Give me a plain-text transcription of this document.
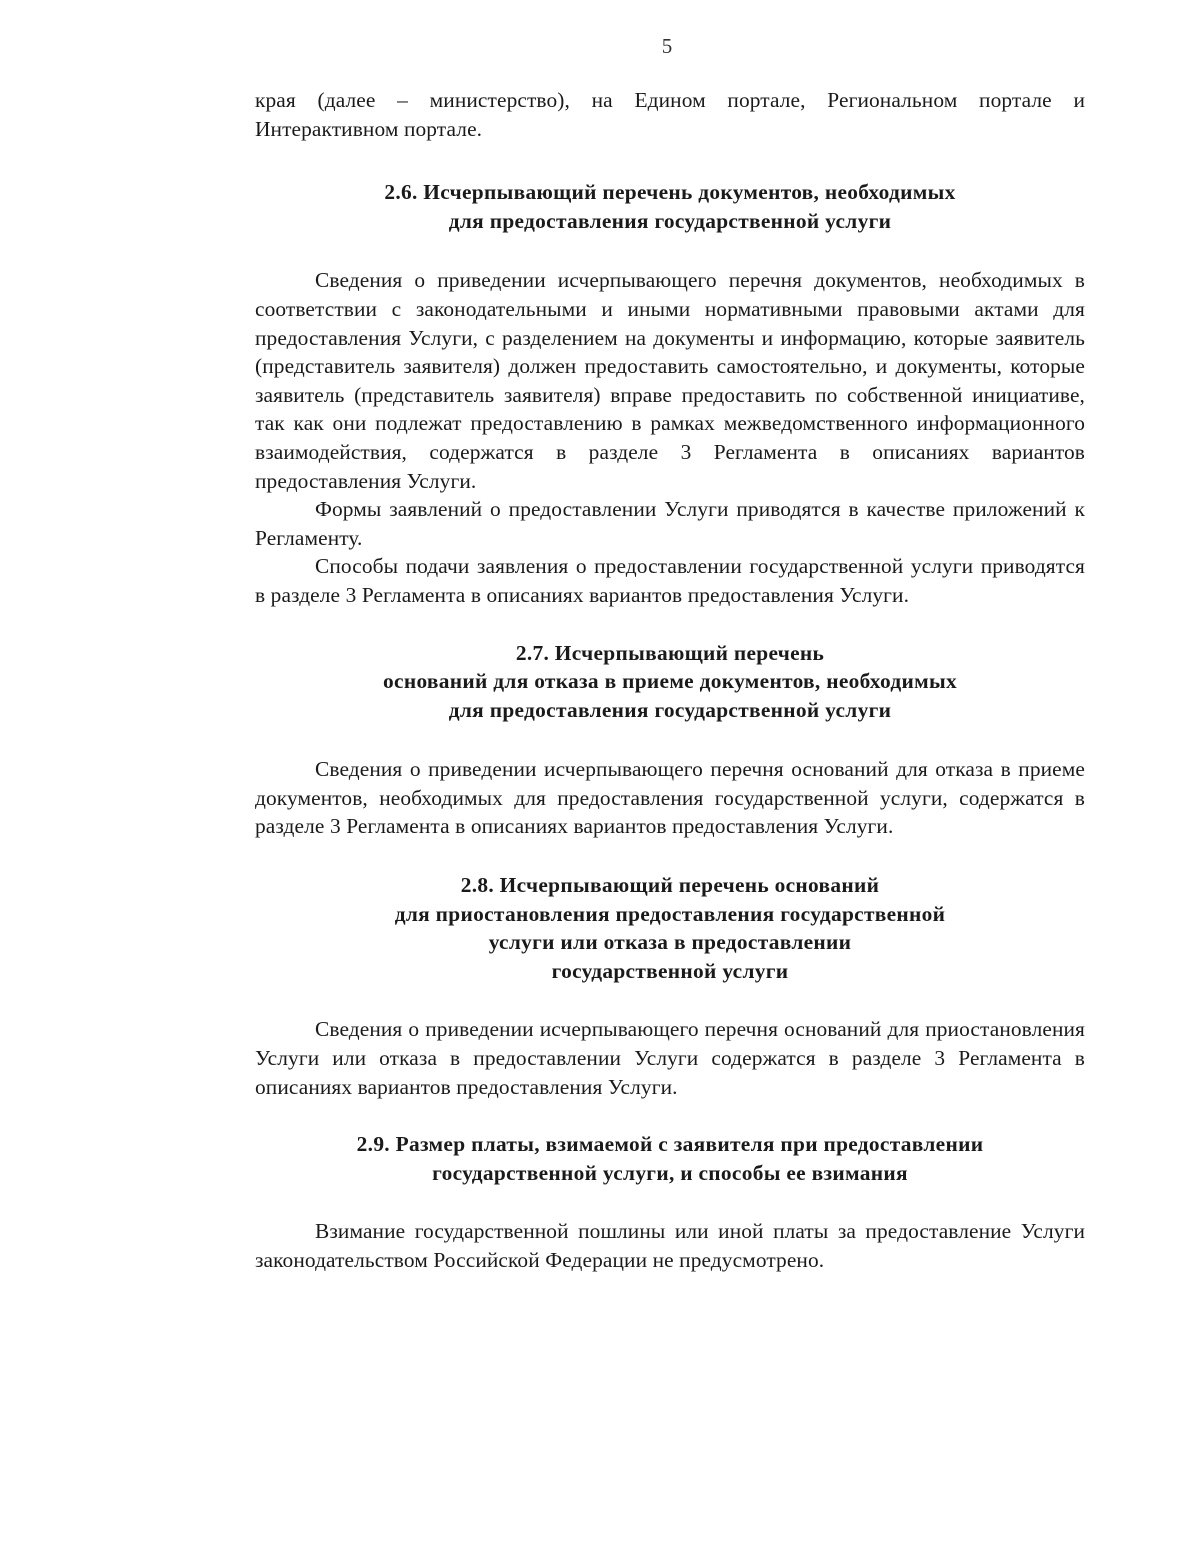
5

края (далее – министерство), на Едином портале, Региональном портале и Интерактивном портале.

2.6. Исчерпывающий перечень документов, необходимых
для предоставления государственной услуги

Сведения о приведении исчерпывающего перечня документов, необходимых в соответствии с законодательными и иными нормативными правовыми актами для предоставления Услуги, с разделением на документы и информацию, которые заявитель (представитель заявителя) должен предоставить самостоятельно, и документы, которые заявитель (представитель заявителя) вправе предоставить по собственной инициативе, так как они подлежат предоставлению в рамках межведомственного информационного взаимодействия, содержатся в разделе 3 Регламента в описаниях вариантов предоставления Услуги.

Формы заявлений о предоставлении Услуги приводятся в качестве приложений к Регламенту.

Способы подачи заявления о предоставлении государственной услуги приводятся в разделе 3 Регламента в описаниях вариантов предоставления Услуги.

2.7. Исчерпывающий перечень
оснований для отказа в приеме документов, необходимых
для предоставления государственной услуги

Сведения о приведении исчерпывающего перечня оснований для отказа в приеме документов, необходимых для предоставления государственной услуги, содержатся в разделе 3 Регламента в описаниях вариантов предоставления Услуги.

2.8. Исчерпывающий перечень оснований
для приостановления предоставления государственной
услуги или отказа в предоставлении
государственной услуги

Сведения о приведении исчерпывающего перечня оснований для приостановления Услуги или отказа в предоставлении Услуги содержатся в разделе 3 Регламента в описаниях вариантов предоставления Услуги.

2.9. Размер платы, взимаемой с заявителя при предоставлении
государственной услуги, и способы ее взимания

Взимание государственной пошлины или иной платы за предоставление Услуги законодательством Российской Федерации не предусмотрено.
